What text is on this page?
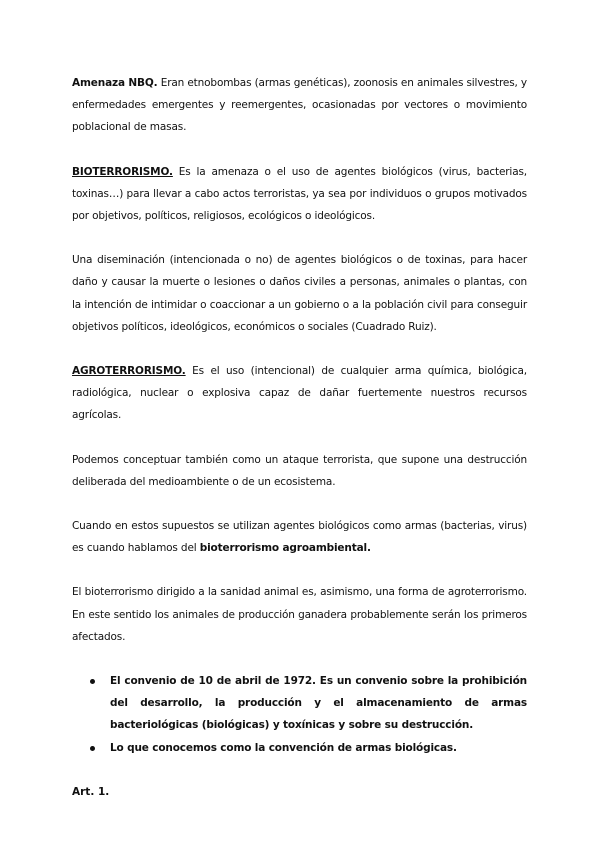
Amenaza NBQ. Eran etnobombas (armas genéticas), zoonosis en animales silvestres, y enfermedades emergentes y reemergentes, ocasionadas por vectores o movimiento poblacional de masas.

BIOTERRORISMO. Es la amenaza o el uso de agentes biológicos (virus, bacterias, toxinas…) para llevar a cabo actos terroristas, ya sea por individuos o grupos motivados por objetivos, políticos, religiosos, ecológicos o ideológicos.

Una diseminación (intencionada o no) de agentes biológicos o de toxinas, para hacer daño y causar la muerte o lesiones o daños civiles a personas, animales o plantas, con la intención de intimidar o coaccionar a un gobierno o a la población civil para conseguir objetivos políticos, ideológicos, económicos o sociales (Cuadrado Ruiz).

AGROTERRORISMO. Es el uso (intencional) de cualquier arma química, biológica, radiológica, nuclear o explosiva capaz de dañar fuertemente nuestros recursos agrícolas.

Podemos conceptuar también como un ataque terrorista, que supone una destrucción deliberada del medioambiente o de un ecosistema.

Cuando en estos supuestos se utilizan agentes biológicos como armas (bacterias, virus) es cuando hablamos del bioterrorismo agroambiental.

El bioterrorismo dirigido a la sanidad animal es, asimismo, una forma de agroterrorismo. En este sentido los animales de producción ganadera probablemente serán los primeros afectados.

El convenio de 10 de abril de 1972. Es un convenio sobre la prohibición del desarrollo, la producción y el almacenamiento de armas bacteriológicas (biológicas) y toxínicas y sobre su destrucción.
Lo que conocemos como la convención de armas biológicas.

Art. 1.
